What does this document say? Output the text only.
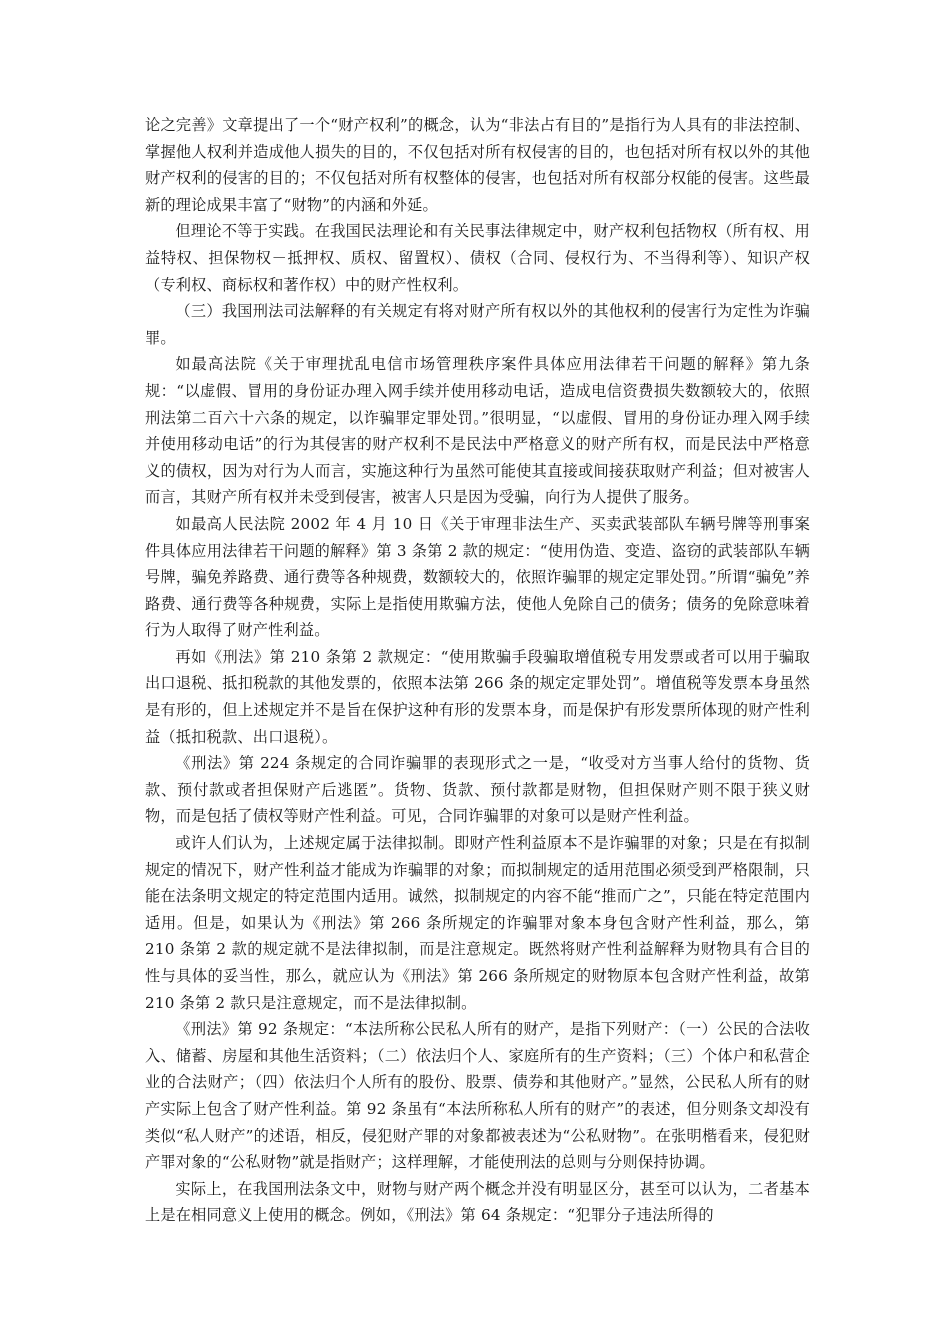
论之完善》文章提出了一个“财产权利”的概念，认为“非法占有目的”是指行为人具有的非法控制、掌握他人权利并造成他人损失的目的，不仅包括对所有权侵害的目的，也包括对所有权以外的其他财产权利的侵害的目的；不仅包括对所有权整体的侵害，也包括对所有权部分权能的侵害。这些最新的理论成果丰富了“财物”的内涵和外延。

但理论不等于实践。在我国民法理论和有关民事法律规定中，财产权利包括物权（所有权、用益特权、担保物权－抵押权、质权、留置权）、债权（合同、侵权行为、不当得利等）、知识产权（专利权、商标权和著作权）中的财产性权利。

（三）我国刑法司法解释的有关规定有将对财产所有权以外的其他权利的侵害行为定性为诈骗罪。

如最高法院《关于审理扰乱电信市场管理秩序案件具体应用法律若干问题的解释》第九条规：“以虚假、冒用的身份证办理入网手续并使用移动电话，造成电信资费损失数额较大的，依照刑法第二百六十六条的规定，以诈骗罪定罪处罚。”很明显，“以虚假、冒用的身份证办理入网手续并使用移动电话”的行为其侵害的财产权利不是民法中严格意义的财产所有权，而是民法中严格意义的债权，因为对行为人而言，实施这种行为虽然可能使其直接或间接获取财产利益；但对被害人而言，其财产所有权并未受到侵害，被害人只是因为受骗，向行为人提供了服务。

如最高人民法院 2002 年 4 月 10 日《关于审理非法生产、买卖武装部队车辆号牌等刑事案件具体应用法律若干问题的解释》第 3 条第 2 款的规定：“使用伪造、变造、盗窃的武装部队车辆号牌，骗免养路费、通行费等各种规费，数额较大的，依照诈骗罪的规定定罪处罚。”所谓“骗免”养路费、通行费等各种规费，实际上是指使用欺骗方法，使他人免除自己的债务；债务的免除意味着行为人取得了财产性利益。

再如《刑法》第 210 条第 2 款规定：“使用欺骗手段骗取增值税专用发票或者可以用于骗取出口退税、抵扣税款的其他发票的，依照本法第 266 条的规定定罪处罚”。增值税等发票本身虽然是有形的，但上述规定并不是旨在保护这种有形的发票本身，而是保护有形发票所体现的财产性利益（抵扣税款、出口退税）。

《刑法》第 224 条规定的合同诈骗罪的表现形式之一是，“收受对方当事人给付的货物、货款、预付款或者担保财产后逃匿”。货物、货款、预付款都是财物，但担保财产则不限于狭义财物，而是包括了债权等财产性利益。可见，合同诈骗罪的对象可以是财产性利益。

或许人们认为，上述规定属于法律拟制。即财产性利益原本不是诈骗罪的对象；只是在有拟制规定的情况下，财产性利益才能成为诈骗罪的对象；而拟制规定的适用范围必须受到严格限制，只能在法条明文规定的特定范围内适用。诚然，拟制规定的内容不能“推而广之”，只能在特定范围内适用。但是，如果认为《刑法》第 266 条所规定的诈骗罪对象本身包含财产性利益，那么，第 210 条第 2 款的规定就不是法律拟制，而是注意规定。既然将财产性利益解释为财物具有合目的性与具体的妥当性，那么，就应认为《刑法》第 266 条所规定的财物原本包含财产性利益，故第 210 条第 2 款只是注意规定，而不是法律拟制。

《刑法》第 92 条规定：“本法所称公民私人所有的财产，是指下列财产：（一）公民的合法收入、储蓄、房屋和其他生活资料；（二）依法归个人、家庭所有的生产资料；（三）个体户和私营企业的合法财产；（四）依法归个人所有的股份、股票、债券和其他财产。”显然，公民私人所有的财产实际上包含了财产性利益。第 92 条虽有“本法所称私人所有的财产”的表述，但分则条文却没有类似“私人财产”的述语，相反，侵犯财产罪的对象都被表述为“公私财物”。在张明楷看来，侵犯财产罪对象的“公私财物”就是指财产；这样理解，才能使刑法的总则与分则保持协调。

实际上，在我国刑法条文中，财物与财产两个概念并没有明显区分，甚至可以认为，二者基本上是在相同意义上使用的概念。例如，《刑法》第 64 条规定：“犯罪分子违法所得的
